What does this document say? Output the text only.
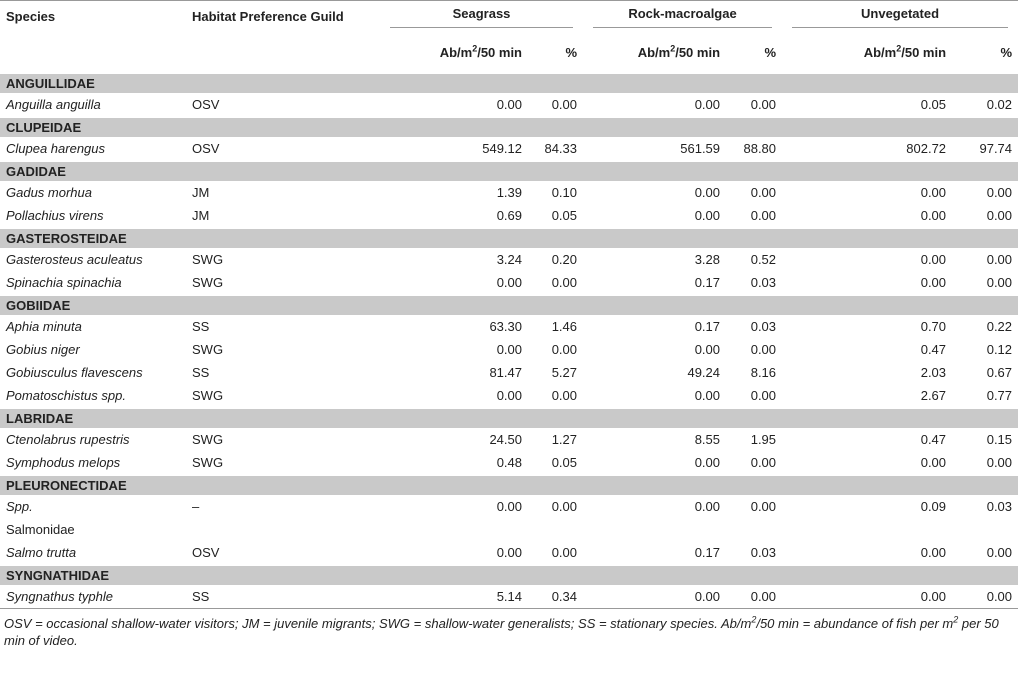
Species	Habitat Preference Guild	Seagrass		Rock-macroalgae		Unvegetated	

		$Ab/m^2/50$ min	%	$Ab/m^2/50$ min	%	$Ab/m^2/50$ min	%
ANGUILLIDAE							
Anguilla anguilla	OSV	0.00	0.00	0.00	0.00	0.05	0.02
CLUPEIDAE							
Clupea harengus	OSV	549.12	84.33	561.59	88.80	802.72	97.74
GADIDAE							
Gadus morhua	JM	1.39	0.10	0.00	0.00	0.00	0.00
Pollachius virens	JM	0.69	0.05	0.00	0.00	0.00	0.00
GASTEROSTEIDAE							
Gasterosteus aculeatus	SWG	3.24	0.20	3.28	0.52	0.00	0.00
Spinachia spinachia	SWG	0.00	0.00	0.17	0.03	0.00	0.00
GOBIIDAE							
Aphia minuta	SS	63.30	1.46	0.17	0.03	0.70	0.22
Gobius niger	SWG	0.00	0.00	0.00	0.00	0.47	0.12
Gobiusculus flavescens	SS	81.47	5.27	49.24	8.16	2.03	0.67
Pomatoschistus spp.	SWG	0.00	0.00	0.00	0.00	2.67	0.77
LABRIDAE							
Ctenolabrus rupestris	SWG	24.50	1.27	8.55	1.95	0.47	0.15
Symphodus melops	SWG	0.48	0.05	0.00	0.00	0.00	0.00
PLEURONECTIDAE							
Spp.	–	0.00	0.00	0.00	0.00	0.09	0.03
Salmonidae							
Salmo trutta	OSV	0.00	0.00	0.17	0.03	0.00	0.00
SYNGNATHIDAE							
Syngnathus typhle	SS	5.14	0.34	0.00	0.00	0.00	0.00
OSV = occasional shallow-water visitors; JM = juvenile migrants; SWG = shallow-water generalists; SS = stationary species. $Ab/m^2/50$ min = abundance of fish per $m^2$ per 50 min of video.
